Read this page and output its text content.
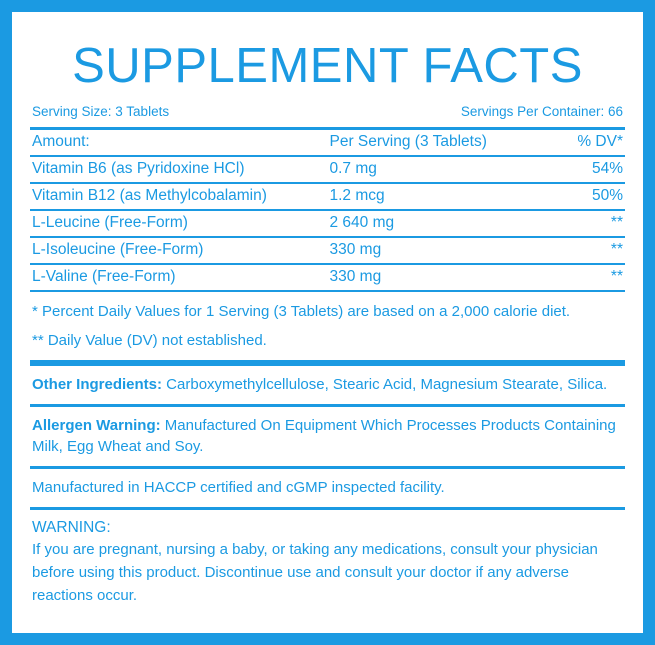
SUPPLEMENT FACTS
Serving Size: 3 Tablets	Servings Per Container: 66
Amount:	Per Serving (3 Tablets)	% DV*
Vitamin B6 (as Pyridoxine HCl)	0.7 mg	54%
Vitamin B12 (as Methylcobalamin)	1.2 mcg	50%
L-Leucine (Free-Form)	2 640 mg	**
L-Isoleucine (Free-Form)	330 mg	**
L-Valine (Free-Form)	330 mg	**
* Percent Daily Values for 1 Serving (3 Tablets) are based on a 2,000 calorie diet.
** Daily Value (DV) not established.
Other Ingredients: Carboxymethylcellulose, Stearic Acid, Magnesium Stearate, Silica.
Allergen Warning: Manufactured On Equipment Which Processes Products Containing Milk, Egg Wheat and Soy.
Manufactured in HACCP certified and cGMP inspected facility.
WARNING:
If you are pregnant, nursing a baby, or taking any medications, consult your physician before using this product. Discontinue use and consult your doctor if any adverse reactions occur.
